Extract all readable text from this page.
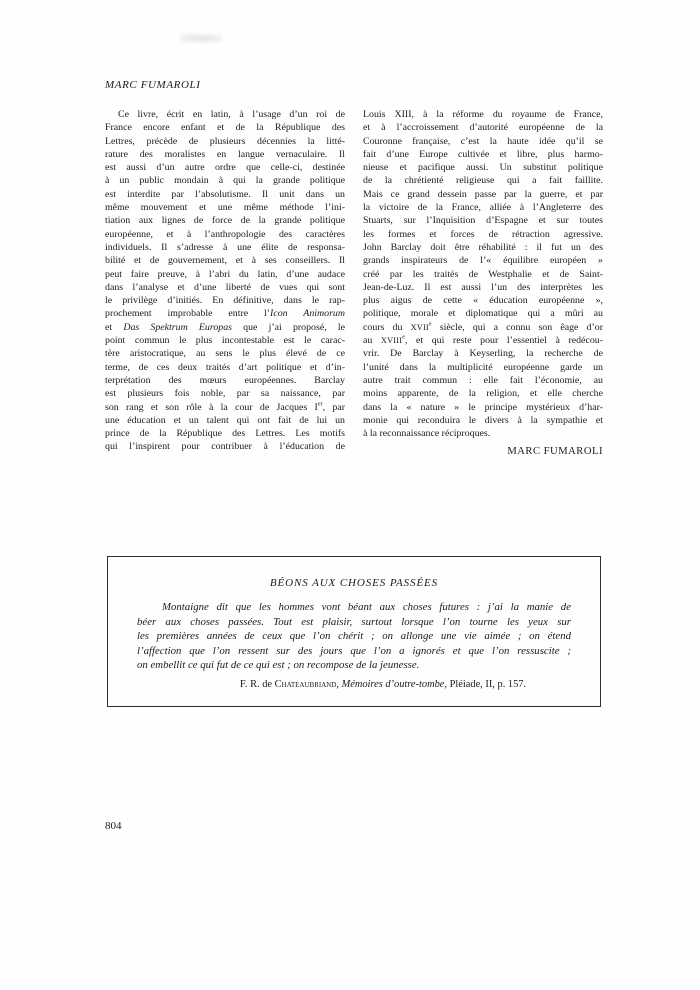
MARC FUMAROLI
Ce livre, écrit en latin, à l’usage d’un roi de
France encore enfant et de la République des
Lettres, précède de plusieurs décennies la litté-
rature des moralistes en langue vernaculaire. Il
est aussi d’un autre ordre que celle-ci, destinée
à un public mondain à qui la grande politique
est interdite par l’absolutisme. Il unit dans un
même mouvement et une même méthode l’ini-
tiation aux lignes de force de la grande politique
européenne, et à l’anthropologie des caractères
individuels. Il s’adresse à une élite de responsa-
bilité et de gouvernement, et à ses conseillers. Il
peut faire preuve, à l’abri du latin, d’une audace
dans l’analyse et d’une liberté de vues qui sont
le privilège d’initiés. En définitive, dans le rap-
prochement improbable entre l’Icon Animorum
et Das Spektrum Europas que j’ai proposé, le
point commun le plus incontestable est le carac-
tère aristocratique, au sens le plus élevé de ce
terme, de ces deux traités d’art politique et d’in-
terprétation des mœurs européennes. Barclay
est plusieurs fois noble, par sa naissance, par
son rang et son rôle à la cour de Jacques Ier, par
une éducation et un talent qui ont fait de lui un
prince de la République des Lettres. Les motifs
qui l’inspirent pour contribuer à l’éducation de
Louis XIII, à la réforme du royaume de France,
et à l’accroissement d’autorité européenne de la
Couronne française, c’est la haute idée qu’il se
fait d’une Europe cultivée et libre, plus harmo-
nieuse et pacifique aussi. Un substitut politique
de la chrétienté religieuse qui a fait faillite.
Mais ce grand dessein passe par la guerre, et par
la victoire de la France, alliée à l’Angleterre des
Stuarts, sur l’Inquisition d’Espagne et sur toutes
les formes et forces de rétraction agressive.
John Barclay doit être réhabilité : il fut un des
grands inspirateurs de l’« équilibre européen »
créé par les traités de Westphalie et de Saint-
Jean-de-Luz. Il est aussi l’un des interprètes les
plus aigus de cette « éducation européenne »,
politique, morale et diplomatique qui a mûri au
cours du XVIIe siècle, qui a connu son êage d’or
au XVIIIe, et qui reste pour l’essentiel à redécou-
vrir. De Barclay à Keyserling, la recherche de
l’unité dans la multiplicité européenne garde un
autre trait commun : elle fait l’économie, au
moins apparente, de la religion, et elle cherche
dans la « nature » le principe mystérieux d’har-
monie qui reconduira le divers à la sympathie et
à la reconnaissance réciproques.
MARC FUMAROLI
BÉONS AUX CHOSES PASSÉES
Montaigne dit que les hommes vont béant aux choses futures : j’ai la manie de
béer aux choses passées. Tout est plaisir, surtout lorsque l’on tourne les yeux sur
les premières années de ceux que l’on chérit ; on allonge une vie aimée ; on étend
l’affection que l’on ressent sur des jours que l’on a ignorés et que l’on ressuscite ;
on embellit ce qui fut de ce qui est ; on recompose de la jeunesse.
F. R. de Chateaubriand, Mémoires d’outre-tombe, Pléiade, II, p. 157.
804
